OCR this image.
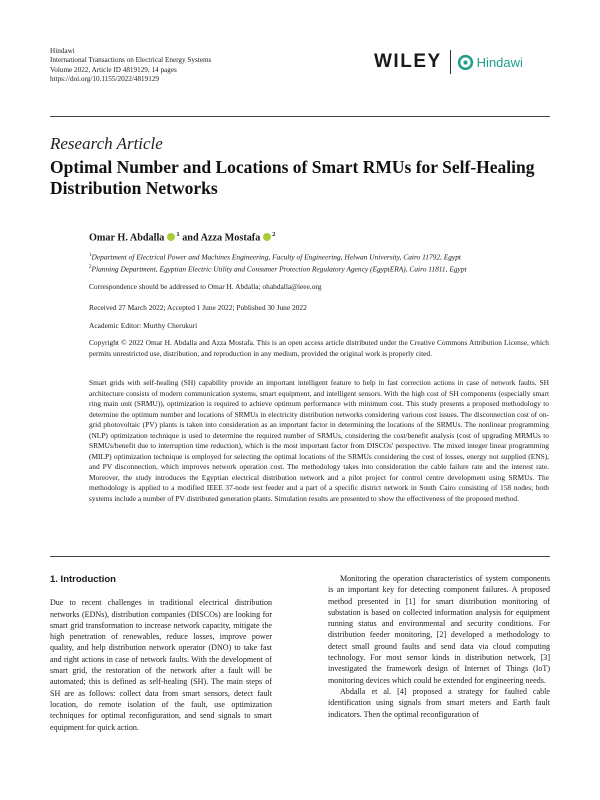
Hindawi
International Transactions on Electrical Energy Systems
Volume 2022, Article ID 4819129, 14 pages
https://doi.org/10.1155/2022/4819129
WILEY	Hindawi
Research Article
Optimal Number and Locations of Smart RMUs for Self-Healing Distribution Networks
Omar H. Abdalla $^1$ and Azza Mostafa $^2$
$^1$Department of Electrical Power and Machines Engineering, Faculty of Engineering, Helwan University, Cairo 11792, Egypt
$^2$Planning Department, Egyptian Electric Utility and Consumer Protection Regulatory Agency (EgyptERA), Cairo 11811, Egypt
Correspondence should be addressed to Omar H. Abdalla; ohabdalla@ieee.org
Received 27 March 2022; Accepted 1 June 2022; Published 30 June 2022
Academic Editor: Murthy Cherukuri
Copyright © 2022 Omar H. Abdalla and Azza Mostafa. This is an open access article distributed under the Creative Commons Attribution License, which permits unrestricted use, distribution, and reproduction in any medium, provided the original work is properly cited.
Smart grids with self-healing (SH) capability provide an important intelligent feature to help in fast correction actions in case of network faults. SH architecture consists of modern communication systems, smart equipment, and intelligent sensors. With the high cost of SH components (especially smart ring main unit (SRMU)), optimization is required to achieve optimum performance with minimum cost. This study presents a proposed methodology to determine the optimum number and locations of SRMUs in electricity distribution networks considering various cost issues. The disconnection cost of on-grid photovoltaic (PV) plants is taken into consideration as an important factor in determining the locations of the SRMUs. The nonlinear programming (NLP) optimization technique is used to determine the required number of SRMUs, considering the cost/benefit analysis (cost of upgrading MRMUs to SRMUs/benefit due to interruption time reduction), which is the most important factor from DISCOs' perspective. The mixed integer linear programming (MILP) optimization technique is employed for selecting the optimal locations of the SRMUs considering the cost of losses, energy not supplied (ENS), and PV disconnection, which improves network operation cost. The methodology takes into consideration the cable failure rate and the interest rate. Moreover, the study introduces the Egyptian electrical distribution network and a pilot project for control centre development using SRMUs. The methodology is applied to a modified IEEE 37-node test feeder and a part of a specific district network in South Cairo consisting of 158 nodes; both systems include a number of PV distributed generation plants. Simulation results are presented to show the effectiveness of the proposed method.
1. Introduction

Due to recent challenges in traditional electrical distribution networks (EDNs), distribution companies (DISCOs) are looking for smart grid transformation to increase network capacity, mitigate the high penetration of renewables, reduce losses, improve power quality, and help distribution network operator (DNO) to take fast and right actions in case of network faults. With the development of smart grid, the restoration of the network after a fault will be automated; this is defined as self-healing (SH). The main steps of SH are as follows: collect data from smart sensors, detect fault location, do remote isolation of the fault, use optimization techniques for optimal reconfiguration, and send signals to smart equipment for quick action.

Monitoring the operation characteristics of system components is an important key for detecting component failures. A proposed method presented in [1] for smart distribution monitoring of substation is based on collected information analysis for equipment running status and environmental and security conditions. For distribution feeder monitoring, [2] developed a methodology to detect small ground faults and send data via cloud computing technology. For most sensor kinds in distribution network, [3] investigated the framework design of Internet of Things (IoT) monitoring devices which could be extended for engineering needs.

Abdalla et al. [4] proposed a strategy for faulted cable identification using signals from smart meters and Earth fault indicators. Then the optimal reconfiguration of
